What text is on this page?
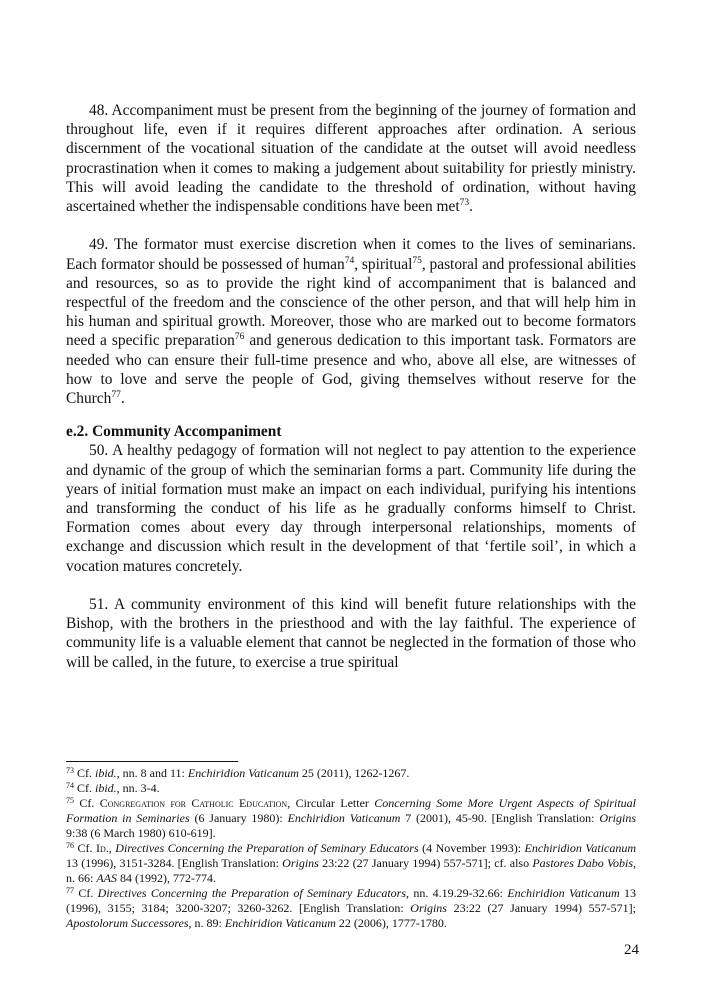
48. Accompaniment must be present from the beginning of the journey of formation and throughout life, even if it requires different approaches after ordination. A serious discernment of the vocational situation of the candidate at the outset will avoid needless procrastination when it comes to making a judgement about suitability for priestly ministry. This will avoid leading the candidate to the threshold of ordination, without having ascertained whether the indispensable conditions have been met$^{73}$.

49. The formator must exercise discretion when it comes to the lives of seminarians. Each formator should be possessed of human$^{74}$, spiritual$^{75}$, pastoral and professional abilities and resources, so as to provide the right kind of accompaniment that is balanced and respectful of the freedom and the conscience of the other person, and that will help him in his human and spiritual growth. Moreover, those who are marked out to become formators need a specific preparation$^{76}$ and generous dedication to this important task. Formators are needed who can ensure their full-time presence and who, above all else, are witnesses of how to love and serve the people of God, giving themselves without reserve for the Church$^{77}$.

e.2. Community Accompaniment

50. A healthy pedagogy of formation will not neglect to pay attention to the experience and dynamic of the group of which the seminarian forms a part. Community life during the years of initial formation must make an impact on each individual, purifying his intentions and transforming the conduct of his life as he gradually conforms himself to Christ. Formation comes about every day through interpersonal relationships, moments of exchange and discussion which result in the development of that ‘fertile soil’, in which a vocation matures concretely.

51. A community environment of this kind will benefit future relationships with the Bishop, with the brothers in the priesthood and with the lay faithful. The experience of community life is a valuable element that cannot be neglected in the formation of those who will be called, in the future, to exercise a true spiritual

$^{73}$ Cf. ibid., nn. 8 and 11: Enchiridion Vaticanum 25 (2011), 1262-1267.

$^{74}$ Cf. ibid., nn. 3-4.

$^{75}$ Cf. Congregation for Catholic Education, Circular Letter Concerning Some More Urgent Aspects of Spiritual Formation in Seminaries (6 January 1980): Enchiridion Vaticanum 7 (2001), 45-90. [English Translation: Origins 9:38 (6 March 1980) 610-619].

$^{76}$ Cf. Id., Directives Concerning the Preparation of Seminary Educators (4 November 1993): Enchiridion Vaticanum 13 (1996), 3151-3284. [English Translation: Origins 23:22 (27 January 1994) 557-571]; cf. also Pastores Dabo Vobis, n. 66: AAS 84 (1992), 772-774.

$^{77}$ Cf. Directives Concerning the Preparation of Seminary Educators, nn. 4.19.29-32.66: Enchiridion Vaticanum 13 (1996), 3155; 3184; 3200-3207; 3260-3262. [English Translation: Origins 23:22 (27 January 1994) 557-571]; Apostolorum Successores, n. 89: Enchiridion Vaticanum 22 (2006), 1777-1780.

24
